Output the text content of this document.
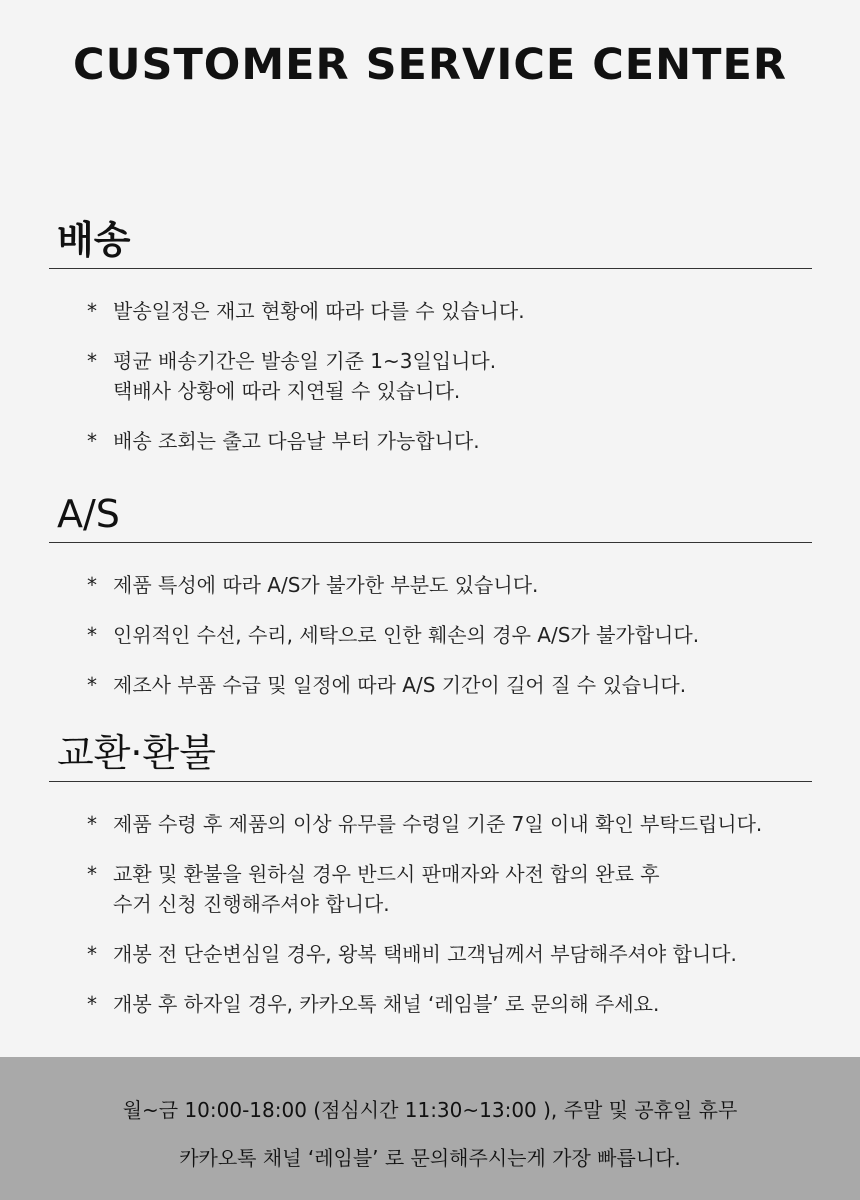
CUSTOMER SERVICE CENTER
배송
* 발송일정은 재고 현황에 따라 다를 수 있습니다.
* 평균 배송기간은 발송일 기준 1~3일입니다.
택배사 상황에 따라 지연될 수 있습니다.
* 배송 조회는 출고 다음날 부터 가능합니다.
A/S
* 제품 특성에 따라 A/S가 불가한 부분도 있습니다.
* 인위적인 수선, 수리, 세탁으로 인한 훼손의 경우 A/S가 불가합니다.
* 제조사 부품 수급 및 일정에 따라 A/S 기간이 길어 질 수 있습니다.
교환·환불
* 제품 수령 후 제품의 이상 유무를 수령일 기준 7일 이내 확인 부탁드립니다.
* 교환 및 환불을 원하실 경우 반드시 판매자와 사전 합의 완료 후
수거 신청 진행해주셔야 합니다.
* 개봉 전 단순변심일 경우, 왕복 택배비 고객님께서 부담해주셔야 합니다.
* 개봉 후 하자일 경우, 카카오톡 채널 ‘레임블’ 로 문의해 주세요.
월~금 10:00-18:00 (점심시간 11:30~13:00 ), 주말 및 공휴일 휴무
카카오톡 채널 ‘레임블’ 로 문의해주시는게 가장 빠릅니다.
